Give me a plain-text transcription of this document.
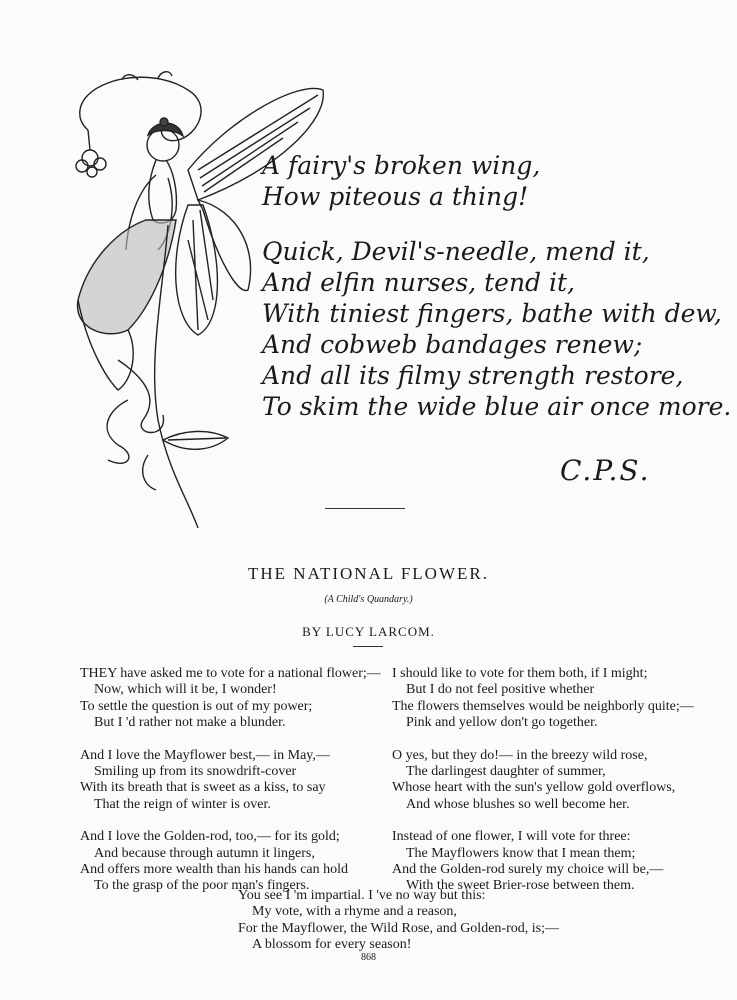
A fairy's broken wing,
How piteous a thing!
Quick, Devil's-needle, mend it,
And elfin nurses, tend it,
With tiniest fingers, bathe with dew,
And cobweb bandages renew;
And all its filmy strength restore,
To skim the wide blue air once more.
C.P.S.
THE NATIONAL FLOWER.
(A Child's Quandary.)
BY LUCY LARCOM.
THEY have asked me to vote for a national flower;—
Now, which will it be, I wonder!
To settle the question is out of my power;
But I 'd rather not make a blunder.
And I love the Mayflower best,— in May,—
Smiling up from its snowdrift-cover
With its breath that is sweet as a kiss, to say
That the reign of winter is over.
And I love the Golden-rod, too,— for its gold;
And because through autumn it lingers,
And offers more wealth than his hands can hold
To the grasp of the poor man's fingers.
I should like to vote for them both, if I might;
But I do not feel positive whether
The flowers themselves would be neighborly quite;—
Pink and yellow don't go together.
O yes, but they do!— in the breezy wild rose,
The darlingest daughter of summer,
Whose heart with the sun's yellow gold overflows,
And whose blushes so well become her.
Instead of one flower, I will vote for three:
The Mayflowers know that I mean them;
And the Golden-rod surely my choice will be,—
With the sweet Brier-rose between them.
You see I 'm impartial. I 've no way but this:
My vote, with a rhyme and a reason,
For the Mayflower, the Wild Rose, and Golden-rod, is;—
A blossom for every season!
868
